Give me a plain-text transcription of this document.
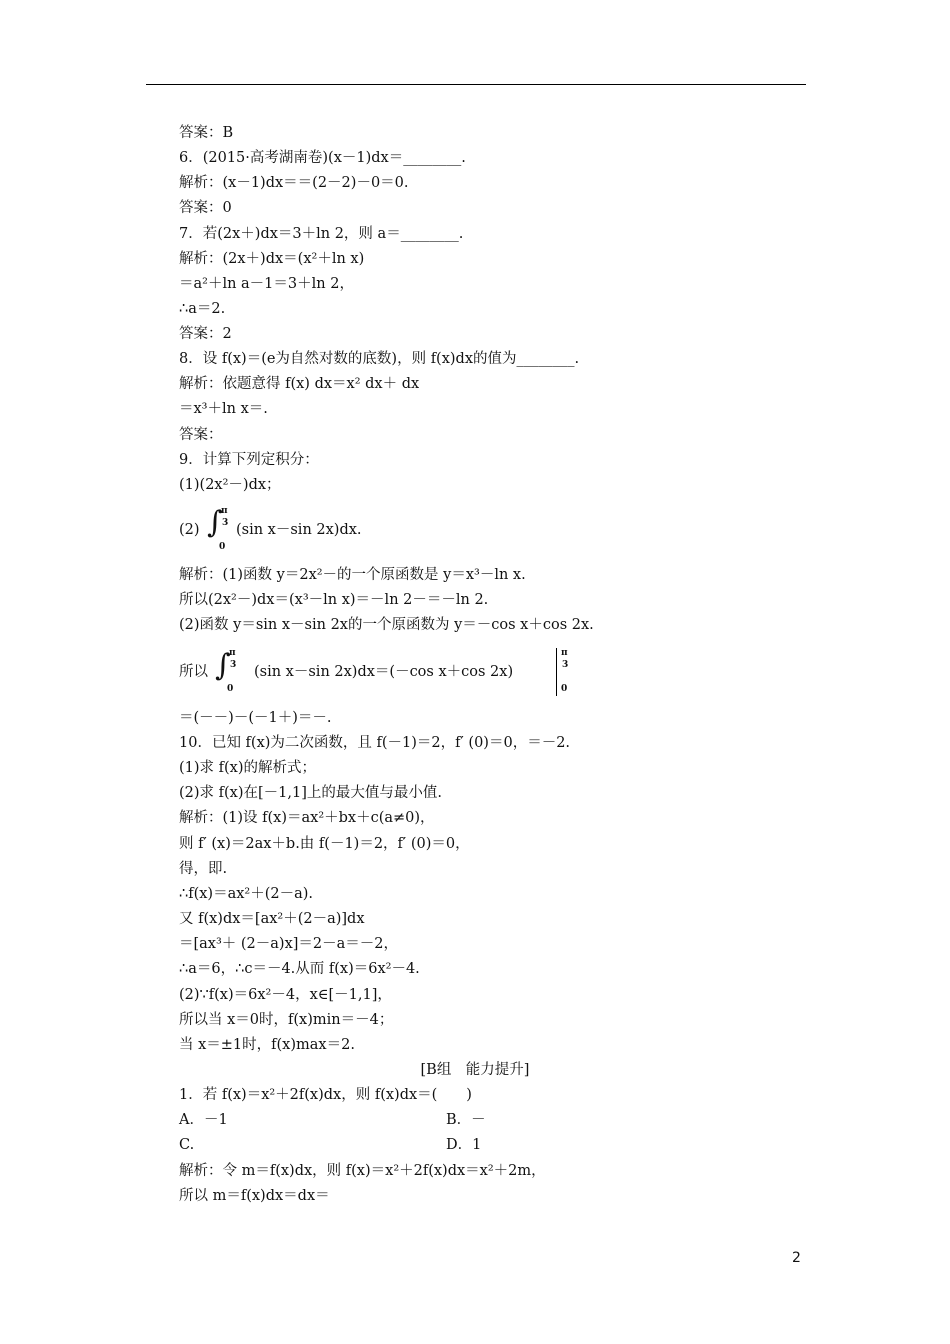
答案：B
6．(2015·高考湖南卷)(x－1)dx＝________.
解析：(x－1)dx＝＝(2－2)－0＝0.
答案：0
7．若(2x＋)dx＝3＋ln 2，则 a＝________.
解析：(2x＋)dx＝(x²＋ln x)
＝a²＋ln a－1＝3＋ln 2，
∴a＝2.
答案：2
8．设 f(x)＝(e为自然对数的底数)，则 f(x)dx的值为________.
解析：依题意得 f(x) dx＝x² dx＋ dx
＝x³＋ln x＝.
答案：
9．计算下列定积分：
(1)(2x²－)dx；
(2) ∫
π
3
0
(sin x－sin 2x)dx.
解析：(1)函数 y＝2x²－的一个原函数是 y＝x³－ln x.
所以(2x²－)dx＝(x³－ln x)＝－ln 2－＝－ln 2.
(2)函数 y＝sin x－sin 2x的一个原函数为 y＝－cos x＋cos 2x.
所以 ∫
π
3
0
(sin x－sin 2x)dx＝(－cos x＋cos 2x)
π
3
0
＝(－－)－(－1＋)＝－.
10．已知 f(x)为二次函数，且 f(－1)＝2，f′ (0)＝0，＝－2.
(1)求 f(x)的解析式；
(2)求 f(x)在[－1,1]上的最大值与最小值.
解析：(1)设 f(x)＝ax²＋bx＋c(a≠0)，
则 f′ (x)＝2ax＋b.由 f(－1)＝2，f′ (0)＝0，
得，即.
∴f(x)＝ax²＋(2－a).
又 f(x)dx＝[ax²＋(2－a)]dx
＝[ax³＋ (2－a)x]＝2－a＝－2，
∴a＝6，∴c＝－4.从而 f(x)＝6x²－4.
(2)∵f(x)＝6x²－4，x∈[－1,1]，
所以当 x＝0时，f(x)min＝－4；
当 x＝±1时，f(x)max＝2.
[B组　能力提升]
1．若 f(x)＝x²＋2f(x)dx，则 f(x)dx＝(　　)
A．－1	B．－
C.	D．1
解析：令 m＝f(x)dx，则 f(x)＝x²＋2f(x)dx＝x²＋2m，
所以 m＝f(x)dx＝dx＝
2
